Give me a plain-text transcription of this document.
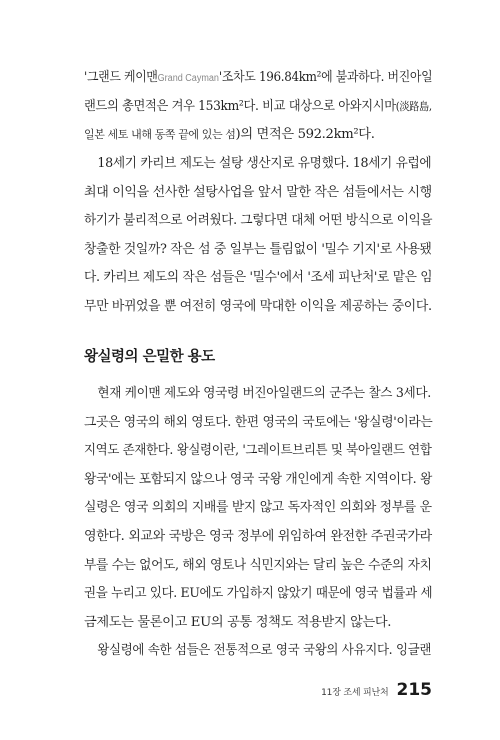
'그랜드 케이맨Grand Cayman'조차도 196.84km²에 불과하다. 버진아일
랜드의 총면적은 겨우 153km²다. 비교 대상으로 아와지시마(淡路島,
일본 세토 내해 동쪽 끝에 있는 섬)의 면적은 592.2km²다.
18세기 카리브 제도는 설탕 생산지로 유명했다. 18세기 유럽에
최대 이익을 선사한 설탕사업을 앞서 말한 작은 섬들에서는 시행
하기가 불리적으로 어려웠다. 그렇다면 대체 어떤 방식으로 이익을
창출한 것일까? 작은 섬 중 일부는 틀림없이 '밀수 기지'로 사용됐
다. 카리브 제도의 작은 섬들은 '밀수'에서 '조세 피난처'로 맡은 임
무만 바뀌었을 뿐 여전히 영국에 막대한 이익을 제공하는 중이다.
왕실령의 은밀한 용도
현재 케이맨 제도와 영국령 버진아일랜드의 군주는 찰스 3세다.
그곳은 영국의 해외 영토다. 한편 영국의 국토에는 '왕실령'이라는
지역도 존재한다. 왕실령이란, '그레이트브리튼 및 북아일랜드 연합
왕국'에는 포함되지 않으나 영국 국왕 개인에게 속한 지역이다. 왕
실령은 영국 의회의 지배를 받지 않고 독자적인 의회와 정부를 운
영한다. 외교와 국방은 영국 정부에 위임하여 완전한 주권국가라
부를 수는 없어도, 해외 영토나 식민지와는 달리 높은 수준의 자치
권을 누리고 있다. EU에도 가입하지 않았기 때문에 영국 법률과 세
금제도는 물론이고 EU의 공통 정책도 적용받지 않는다.
왕실령에 속한 섬들은 전통적으로 영국 국왕의 사유지다. 잉글랜
11장 조세 피난처 215
